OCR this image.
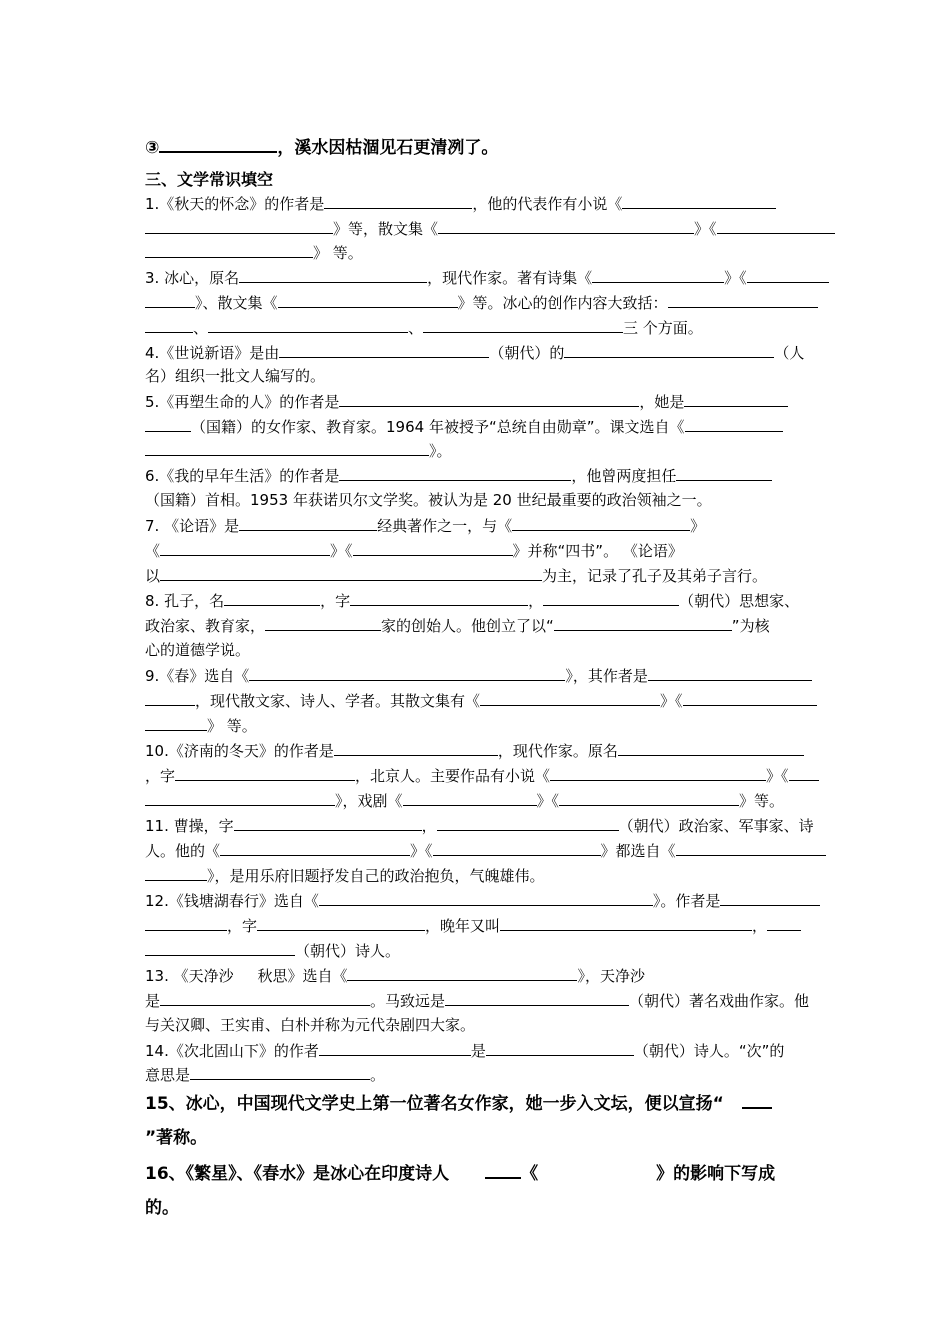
③	，溪水因枯涸见石更清冽了。
三、文学常识填空
1.《秋天的怀念》的作者是	，他的代表作有小说《
》等，散文集《	》《
》 等。
3. 冰心，原名	，现代作家。著有诗集《	》《
》、散文集《	》等。冰心的创作内容大致括：
、	、	三 个方面。
4.《世说新语》是由	（朝代）的	（人
名）组织一批文人编写的。
5.《再塑生命的人》的作者是	，她是
（国籍）的女作家、教育家。1964 年被授予“总统自由勋章”。课文选自《
》。
6.《我的早年生活》的作者是	，他曾两度担任
（国籍）首相。1953 年获诺贝尔文学奖。被认为是 20 世纪最重要的政治领袖之一。
7. 《论语》是	经典著作之一，与《	》
《	》《	》并称“四书”。 《论语》
以	为主，记录了孔子及其弟子言行。
8. 孔子，名	，字	，	（朝代）思想家、
政治家、教育家，	家的创始人。他创立了以“	”为核
心的道德学说。
9.《春》选自《	》，其作者是
，现代散文家、诗人、学者。其散文集有《	》《
》 等。
10.《济南的冬天》的作者是	，现代作家。原名
，字	，北京人。主要作品有小说《	》《
》，戏剧《	》《	》等。
11. 曹操，字	，	（朝代）政治家、军事家、诗
人。他的《	》《	》都选自《
》，是用乐府旧题抒发自己的政治抱负，气魄雄伟。
12.《钱塘湖春行》选自《	》。作者是
，字	，晚年又叫	，
（朝代）诗人。
13. 《天净沙     秋思》选自《	》，天净沙
是	。马致远是	（朝代）著名戏曲作家。他
与关汉卿、王实甫、白朴并称为元代杂剧四大家。
14.《次北固山下》的作者	是	（朝代）诗人。“次”的
意思是	。
15、冰心，中国现代文学史上第一位著名女作家，她一步入文坛，便以宣扬“
”著称。
16、《繁星》、《春水》是冰心在印度诗人	《	》的影响下写成
的。
